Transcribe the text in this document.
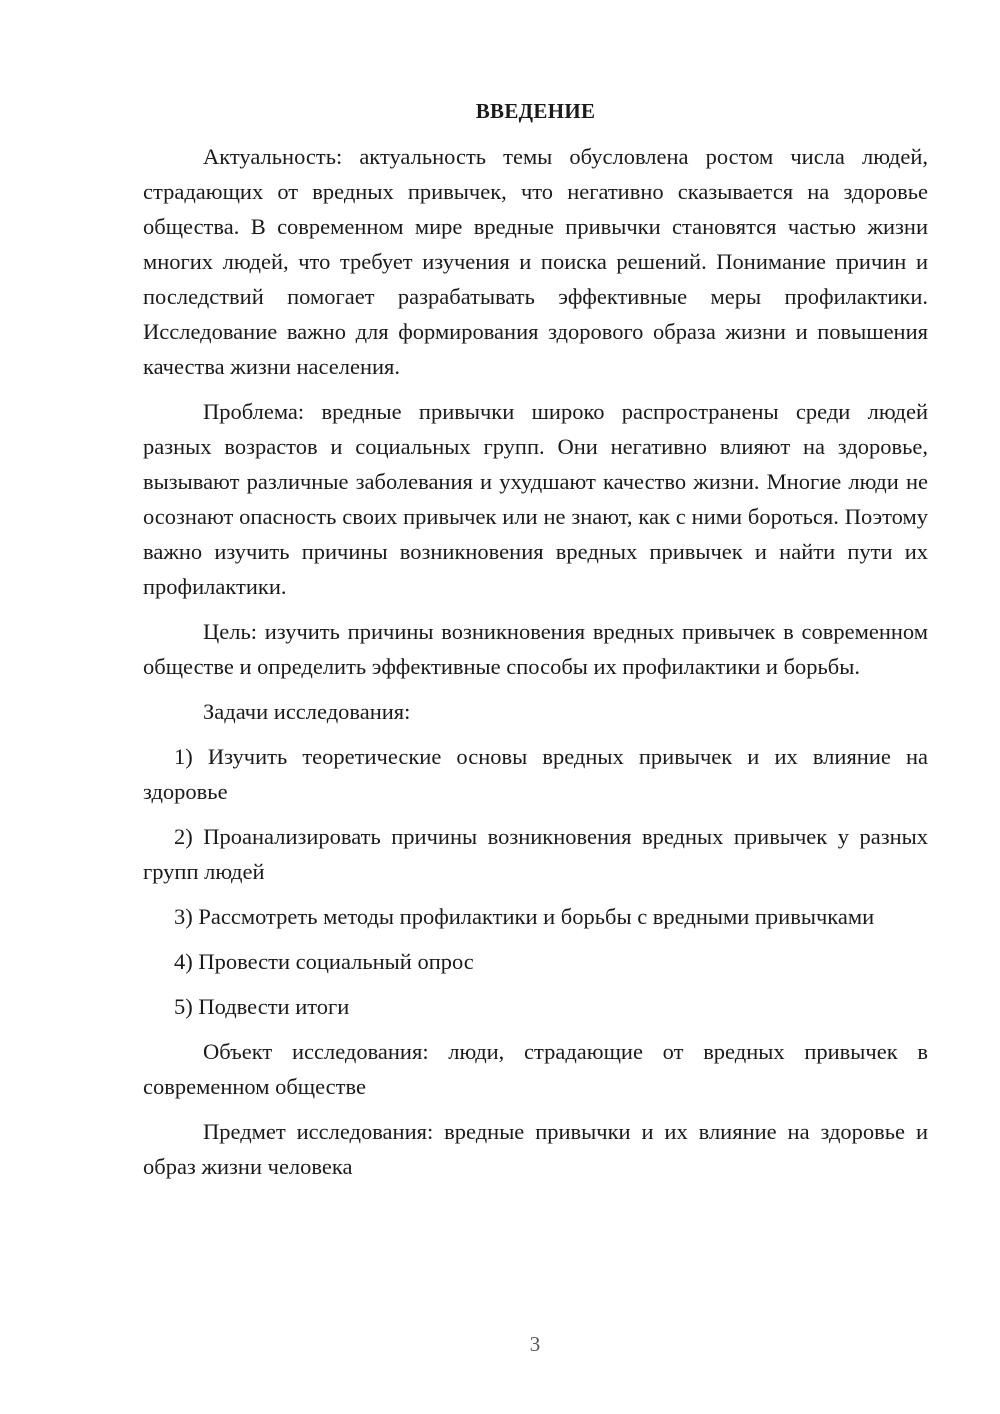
ВВЕДЕНИЕ

Актуальность: актуальность темы обусловлена ростом числа людей, страдающих от вредных привычек, что негативно сказывается на здоровье общества. В современном мире вредные привычки становятся частью жизни многих людей, что требует изучения и поиска решений. Понимание причин и последствий помогает разрабатывать эффективные меры профилактики. Исследование важно для формирования здорового образа жизни и повышения качества жизни населения.

Проблема: вредные привычки широко распространены среди людей разных возрастов и социальных групп. Они негативно влияют на здоровье, вызывают различные заболевания и ухудшают качество жизни. Многие люди не осознают опасность своих привычек или не знают, как с ними бороться. Поэтому важно изучить причины возникновения вредных привычек и найти пути их профилактики.

Цель: изучить причины возникновения вредных привычек в современном обществе и определить эффективные способы их профилактики и борьбы.

Задачи исследования:

1) Изучить теоретические основы вредных привычек и их влияние на здоровье

2) Проанализировать причины возникновения вредных привычек у разных групп людей

3) Рассмотреть методы профилактики и борьбы с вредными привычками

4) Провести социальный опрос

5) Подвести итоги

Объект исследования: люди, страдающие от вредных привычек в современном обществе

Предмет исследования: вредные привычки и их влияние на здоровье и образ жизни человека

3
